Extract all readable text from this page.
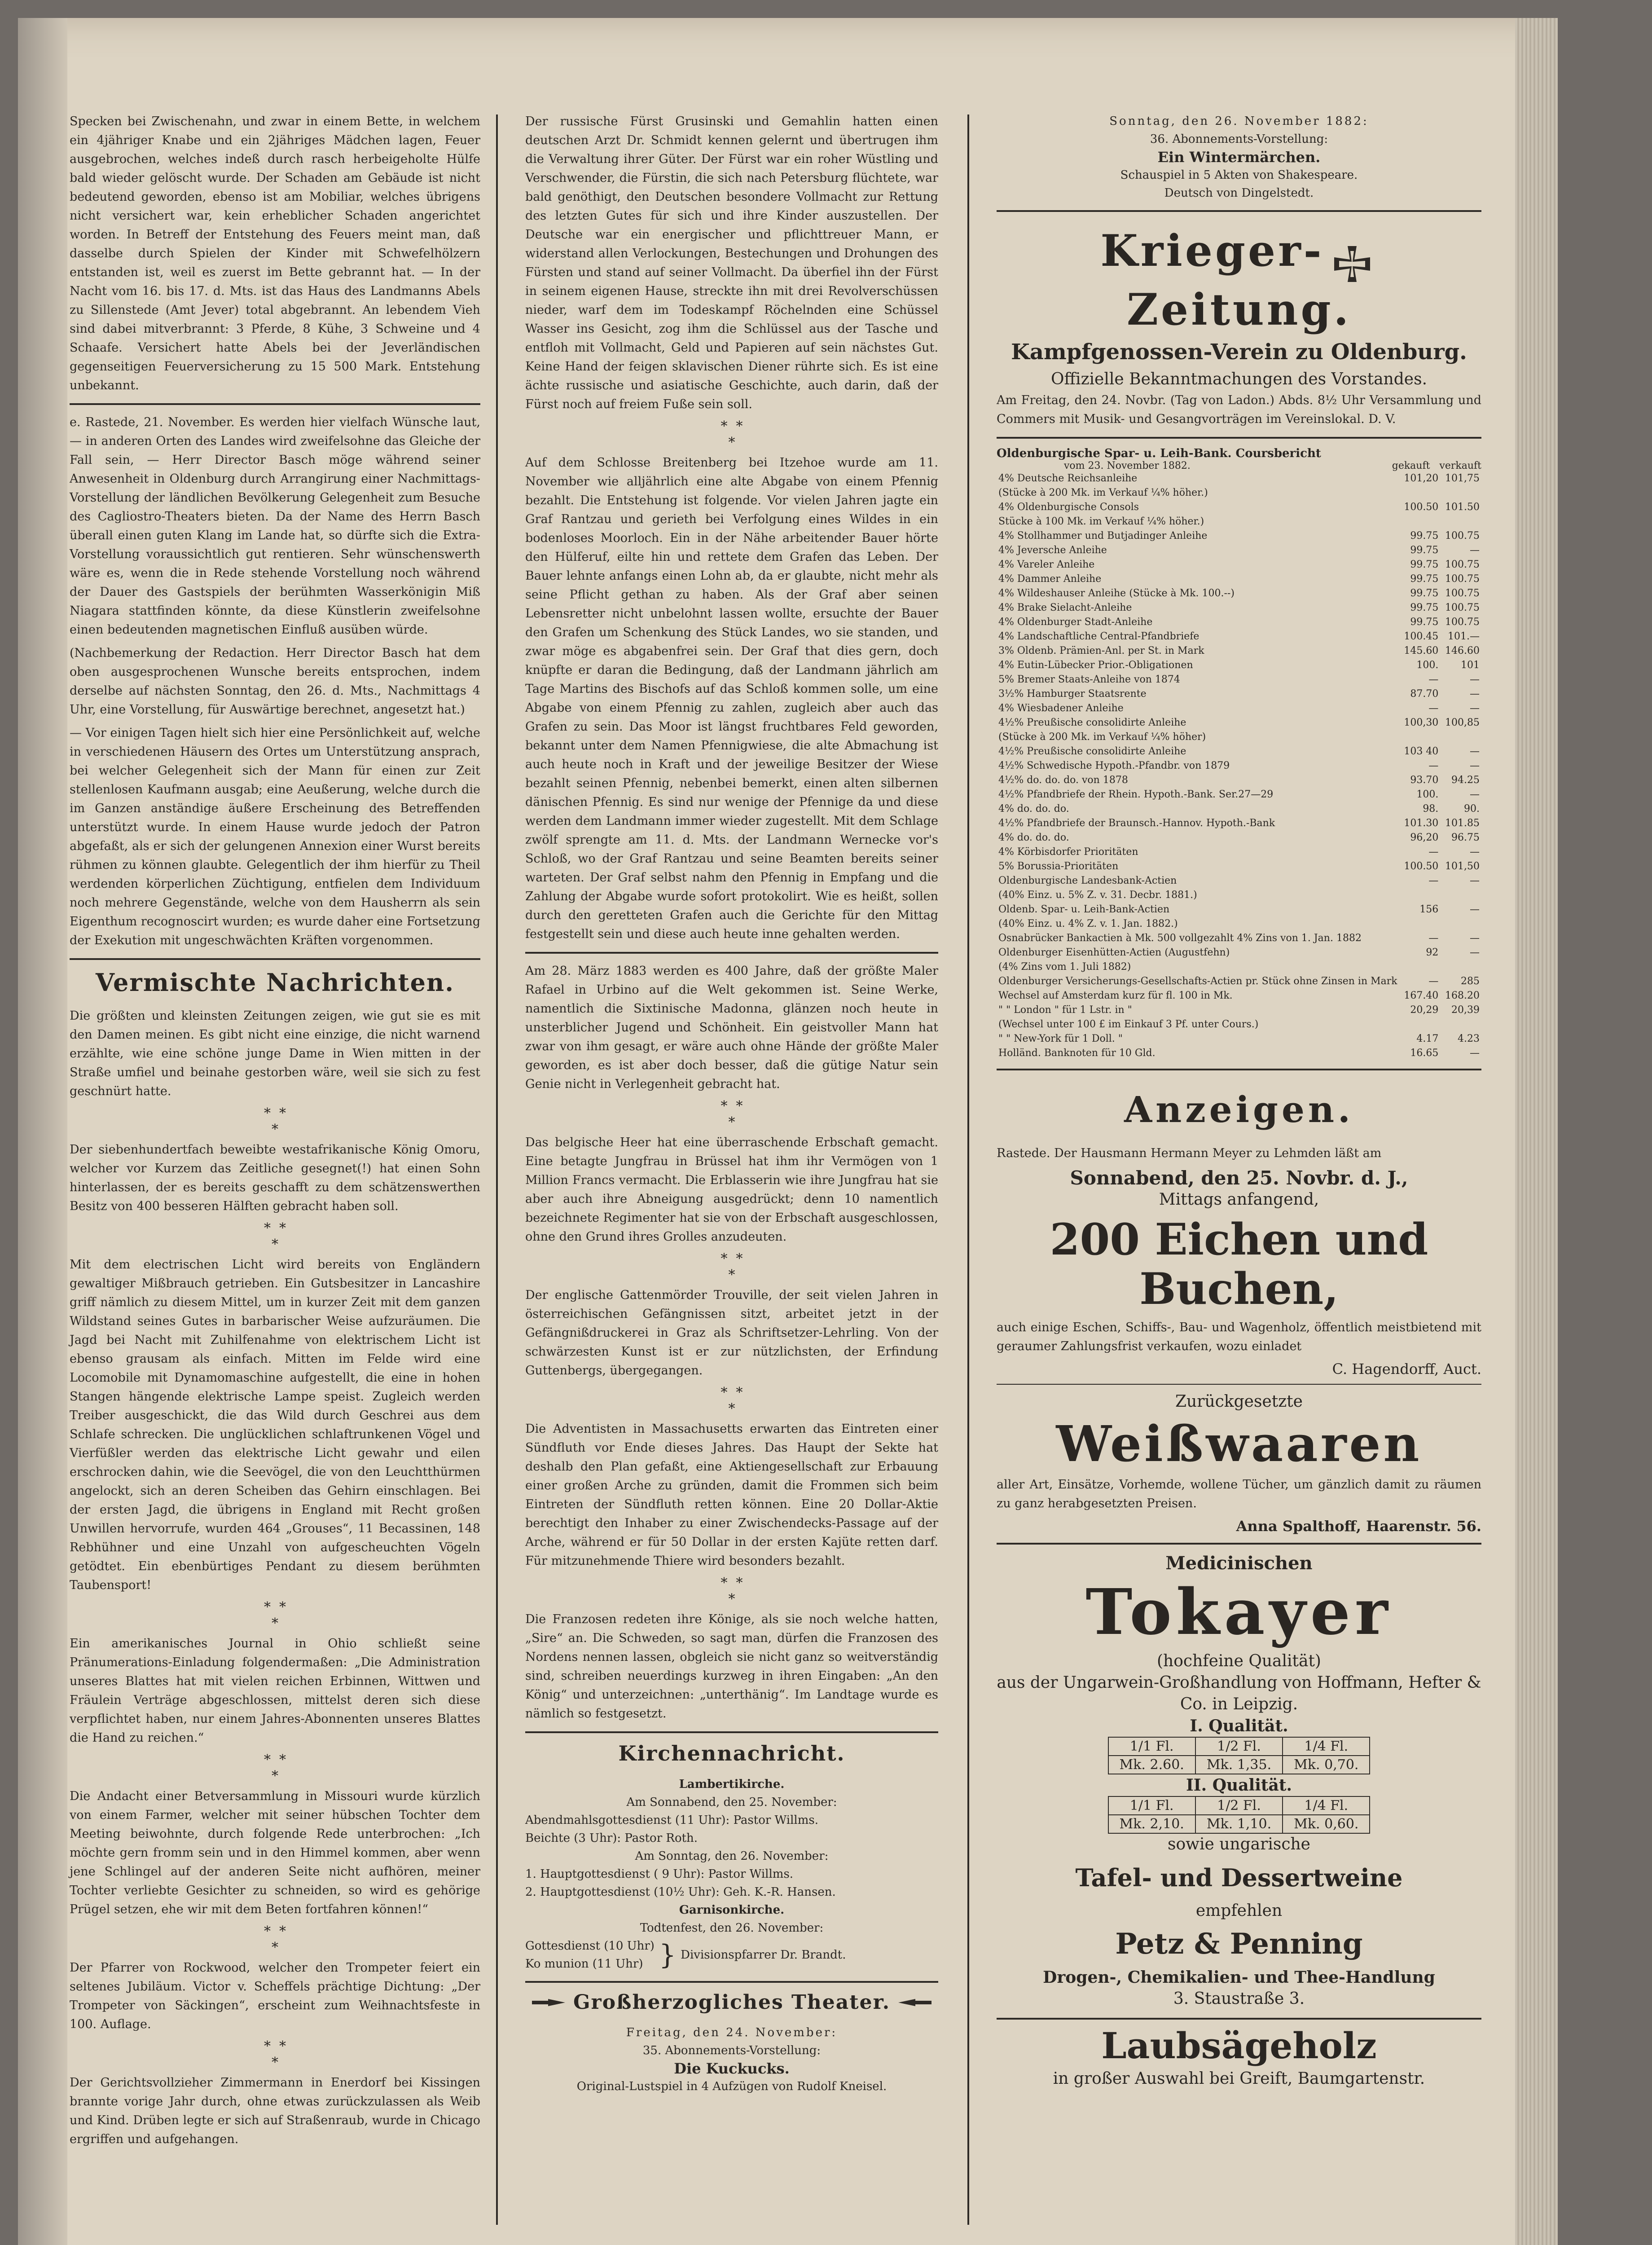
Specken bei Zwischenahn, und zwar in einem Bette, in welchem ein 4jähriger Knabe und ein 2jähriges Mädchen lagen, Feuer ausgebrochen, welches indeß durch rasch herbeigeholte Hülfe bald wieder gelöscht wurde. Der Schaden am Gebäude ist nicht bedeutend geworden, ebenso ist am Mobiliar, welches übrigens nicht versichert war, kein erheblicher Schaden angerichtet worden. In Betreff der Entstehung des Feuers meint man, daß dasselbe durch Spielen der Kinder mit Schwefelhölzern entstanden ist, weil es zuerst im Bette gebrannt hat. — In der Nacht vom 16. bis 17. d. Mts. ist das Haus des Landmanns Abels zu Sillenstede (Amt Jever) total abgebrannt. An lebendem Vieh sind dabei mitverbrannt: 3 Pferde, 8 Kühe, 3 Schweine und 4 Schaafe. Versichert hatte Abels bei der Jeverländischen gegenseitigen Feuerversicherung zu 15 500 Mark. Entstehung unbekannt.

e. Rastede, 21. November. Es werden hier vielfach Wünsche laut, — in anderen Orten des Landes wird zweifelsohne das Gleiche der Fall sein, — Herr Director Basch möge während seiner Anwesenheit in Oldenburg durch Arrangirung einer Nachmittags-Vorstellung der ländlichen Bevölkerung Gelegenheit zum Besuche des Cagliostro-Theaters bieten. Da der Name des Herrn Basch überall einen guten Klang im Lande hat, so dürfte sich die Extra-Vorstellung voraussichtlich gut rentieren. Sehr wünschenswerth wäre es, wenn die in Rede stehende Vorstellung noch während der Dauer des Gastspiels der berühmten Wasserkönigin Miß Niagara stattfinden könnte, da diese Künstlerin zweifelsohne einen bedeutenden magnetischen Einfluß ausüben würde.

(Nachbemerkung der Redaction. Herr Director Basch hat dem oben ausgesprochenen Wunsche bereits entsprochen, indem derselbe auf nächsten Sonntag, den 26. d. Mts., Nachmittags 4 Uhr, eine Vorstellung, für Auswärtige berechnet, angesetzt hat.)

— Vor einigen Tagen hielt sich hier eine Persönlichkeit auf, welche in verschiedenen Häusern des Ortes um Unterstützung ansprach, bei welcher Gelegenheit sich der Mann für einen zur Zeit stellenlosen Kaufmann ausgab; eine Aeußerung, welche durch die im Ganzen anständige äußere Erscheinung des Betreffenden unterstützt wurde. In einem Hause wurde jedoch der Patron abgefaßt, als er sich der gelungenen Annexion einer Wurst bereits rühmen zu können glaubte. Gelegentlich der ihm hierfür zu Theil werdenden körperlichen Züchtigung, entfielen dem Individuum noch mehrere Gegenstände, welche von dem Hausherrn als sein Eigenthum recognoscirt wurden; es wurde daher eine Fortsetzung der Exekution mit ungeschwächten Kräften vorgenommen.

Vermischte Nachrichten.

Die größten und kleinsten Zeitungen zeigen, wie gut sie es mit den Damen meinen. Es gibt nicht eine einzige, die nicht warnend erzählte, wie eine schöne junge Dame in Wien mitten in der Straße umfiel und beinahe gestorben wäre, weil sie sich zu fest geschnürt hatte.

*  *
*

Der siebenhundertfach beweibte westafrikanische König Omoru, welcher vor Kurzem das Zeitliche gesegnet(!) hat einen Sohn hinterlassen, der es bereits geschafft zu dem schätzenswerthen Besitz von 400 besseren Hälften gebracht haben soll.

*  *
*

Mit dem electrischen Licht wird bereits von Engländern gewaltiger Mißbrauch getrieben. Ein Gutsbesitzer in Lancashire griff nämlich zu diesem Mittel, um in kurzer Zeit mit dem ganzen Wildstand seines Gutes in barbarischer Weise aufzuräumen. Die Jagd bei Nacht mit Zuhilfenahme von elektrischem Licht ist ebenso grausam als einfach. Mitten im Felde wird eine Locomobile mit Dynamomaschine aufgestellt, die eine in hohen Stangen hängende elektrische Lampe speist. Zugleich werden Treiber ausgeschickt, die das Wild durch Geschrei aus dem Schlafe schrecken. Die unglücklichen schlaftrunkenen Vögel und Vierfüßler werden das elektrische Licht gewahr und eilen erschrocken dahin, wie die Seevögel, die von den Leuchtthürmen angelockt, sich an deren Scheiben das Gehirn einschlagen. Bei der ersten Jagd, die übrigens in England mit Recht großen Unwillen hervorrufe, wurden 464 „Grouses“, 11 Becassinen, 148 Rebhühner und eine Unzahl von aufgescheuchten Vögeln getödtet. Ein ebenbürtiges Pendant zu diesem berühmten Taubensport!

*  *
*

Ein amerikanisches Journal in Ohio schließt seine Pränumerations-Einladung folgendermaßen: „Die Administration unseres Blattes hat mit vielen reichen Erbinnen, Wittwen und Fräulein Verträge abgeschlossen, mittelst deren sich diese verpflichtet haben, nur einem Jahres-Abonnenten unseres Blattes die Hand zu reichen.“

*  *
*

Die Andacht einer Betversammlung in Missouri wurde kürzlich von einem Farmer, welcher mit seiner hübschen Tochter dem Meeting beiwohnte, durch folgende Rede unterbrochen: „Ich möchte gern fromm sein und in den Himmel kommen, aber wenn jene Schlingel auf der anderen Seite nicht aufhören, meiner Tochter verliebte Gesichter zu schneiden, so wird es gehörige Prügel setzen, ehe wir mit dem Beten fortfahren können!“

*  *
*

Der Pfarrer von Rockwood, welcher den Trompeter feiert ein seltenes Jubiläum. Victor v. Scheffels prächtige Dichtung: „Der Trompeter von Säckingen“, erscheint zum Weihnachtsfeste in 100. Auflage.

*  *
*

Der Gerichtsvollzieher Zimmermann in Enerdorf bei Kissingen brannte vorige Jahr durch, ohne etwas zurückzulassen als Weib und Kind. Drüben legte er sich auf Straßenraub, wurde in Chicago ergriffen und aufgehangen.

Der russische Fürst Grusinski und Gemahlin hatten einen deutschen Arzt Dr. Schmidt kennen gelernt und übertrugen ihm die Verwaltung ihrer Güter. Der Fürst war ein roher Wüstling und Verschwender, die Fürstin, die sich nach Petersburg flüchtete, war bald genöthigt, den Deutschen besondere Vollmacht zur Rettung des letzten Gutes für sich und ihre Kinder auszustellen. Der Deutsche war ein energischer und pflichttreuer Mann, er widerstand allen Verlockungen, Bestechungen und Drohungen des Fürsten und stand auf seiner Vollmacht. Da überfiel ihn der Fürst in seinem eigenen Hause, streckte ihn mit drei Revolverschüssen nieder, warf dem im Todeskampf Röchelnden eine Schüssel Wasser ins Gesicht, zog ihm die Schlüssel aus der Tasche und entfloh mit Vollmacht, Geld und Papieren auf sein nächstes Gut. Keine Hand der feigen sklavischen Diener rührte sich. Es ist eine ächte russische und asiatische Geschichte, auch darin, daß der Fürst noch auf freiem Fuße sein soll.

*  *
*

Auf dem Schlosse Breitenberg bei Itzehoe wurde am 11. November wie alljährlich eine alte Abgabe von einem Pfennig bezahlt. Die Entstehung ist folgende. Vor vielen Jahren jagte ein Graf Rantzau und gerieth bei Verfolgung eines Wildes in ein bodenloses Moorloch. Ein in der Nähe arbeitender Bauer hörte den Hülferuf, eilte hin und rettete dem Grafen das Leben. Der Bauer lehnte anfangs einen Lohn ab, da er glaubte, nicht mehr als seine Pflicht gethan zu haben. Als der Graf aber seinen Lebensretter nicht unbelohnt lassen wollte, ersuchte der Bauer den Grafen um Schenkung des Stück Landes, wo sie standen, und zwar möge es abgabenfrei sein. Der Graf that dies gern, doch knüpfte er daran die Bedingung, daß der Landmann jährlich am Tage Martins des Bischofs auf das Schloß kommen solle, um eine Abgabe von einem Pfennig zu zahlen, zugleich aber auch das Grafen zu sein. Das Moor ist längst fruchtbares Feld geworden, bekannt unter dem Namen Pfennigwiese, die alte Abmachung ist auch heute noch in Kraft und der jeweilige Besitzer der Wiese bezahlt seinen Pfennig, nebenbei bemerkt, einen alten silbernen dänischen Pfennig. Es sind nur wenige der Pfennige da und diese werden dem Landmann immer wieder zugestellt. Mit dem Schlage zwölf sprengte am 11. d. Mts. der Landmann Wernecke vor's Schloß, wo der Graf Rantzau und seine Beamten bereits seiner warteten. Der Graf selbst nahm den Pfennig in Empfang und die Zahlung der Abgabe wurde sofort protokolirt. Wie es heißt, sollen durch den geretteten Grafen auch die Gerichte für den Mittag festgestellt sein und diese auch heute inne gehalten werden.

Am 28. März 1883 werden es 400 Jahre, daß der größte Maler Rafael in Urbino auf die Welt gekommen ist. Seine Werke, namentlich die Sixtinische Madonna, glänzen noch heute in unsterblicher Jugend und Schönheit. Ein geistvoller Mann hat zwar von ihm gesagt, er wäre auch ohne Hände der größte Maler geworden, es ist aber doch besser, daß die gütige Natur sein Genie nicht in Verlegenheit gebracht hat.

*  *
*

Das belgische Heer hat eine überraschende Erbschaft gemacht. Eine betagte Jungfrau in Brüssel hat ihm ihr Vermögen von 1 Million Francs vermacht. Die Erblasserin wie ihre Jungfrau hat sie aber auch ihre Abneigung ausgedrückt; denn 10 namentlich bezeichnete Regimenter hat sie von der Erbschaft ausgeschlossen, ohne den Grund ihres Grolles anzudeuten.

*  *
*

Der englische Gattenmörder Trouville, der seit vielen Jahren in österreichischen Gefängnissen sitzt, arbeitet jetzt in der Gefängnißdruckerei in Graz als Schriftsetzer-Lehrling. Von der schwärzesten Kunst ist er zur nützlichsten, der Erfindung Guttenbergs, übergegangen.

*  *
*

Die Adventisten in Massachusetts erwarten das Eintreten einer Sündfluth vor Ende dieses Jahres. Das Haupt der Sekte hat deshalb den Plan gefaßt, eine Aktiengesellschaft zur Erbauung einer großen Arche zu gründen, damit die Frommen sich beim Eintreten der Sündfluth retten können. Eine 20 Dollar-Aktie berechtigt den Inhaber zu einer Zwischendecks-Passage auf der Arche, während er für 50 Dollar in der ersten Kajüte retten darf. Für mitzunehmende Thiere wird besonders bezahlt.

*  *
*

Die Franzosen redeten ihre Könige, als sie noch welche hatten, „Sire“ an. Die Schweden, so sagt man, dürfen die Franzosen des Nordens nennen lassen, obgleich sie nicht ganz so weitverständig sind, schreiben neuerdings kurzweg in ihren Eingaben: „An den König“ und unterzeichnen: „unterthänig“. Im Landtage wurde es nämlich so festgesetzt.

Kirchennachricht.
Lambertikirche.
Am Sonnabend, den 25. November:
Abendmahlsgottesdienst (11 Uhr): Pastor Willms.
Beichte (3 Uhr): Pastor Roth.
Am Sonntag, den 26. November:
1. Hauptgottesdienst ( 9 Uhr): Pastor Willms.
2. Hauptgottesdienst (10½ Uhr): Geh. K.-R. Hansen.
Garnisonkirche.
Todtenfest, den 26. November:
Gottesdienst (10 Uhr)
Ko munion (11 Uhr) } Divisionspfarrer Dr. Brandt.
Großherzogliches Theater.
Freitag, den 24. November:
35. Abonnements-Vorstellung:
Die Kuckucks.
Original-Lustspiel in 4 Aufzügen von Rudolf Kneisel.
Sonntag, den 26. November 1882:
36. Abonnements-Vorstellung:
Ein Wintermärchen.
Schauspiel in 5 Akten von Shakespeare.
Deutsch von Dingelstedt.
Krieger-  Zeitung.
Kampfgenossen-Verein zu Oldenburg.
Offizielle Bekanntmachungen des Vorstandes.

Am Freitag, den 24. Novbr. (Tag von Ladon.) Abds. 8½ Uhr Versammlung und Commers mit Musik- und Gesangvorträgen im Vereinslokal. D. V.

Oldenburgische Spar- u. Leih-Bank. Coursbericht
vom 23. November 1882.	gekauft verkauft
4% Deutsche Reichsanleihe	101,20	101,75
(Stücke à 200 Mk. im Verkauf ¼% höher.)		
4% Oldenburgische Consols	100.50	101.50
Stücke à 100 Mk. im Verkauf ¼% höher.)		
4% Stollhammer und Butjadinger Anleihe	99.75	100.75
4% Jeversche Anleihe	99.75	—
4% Vareler Anleihe	99.75	100.75
4% Dammer Anleihe	99.75	100.75
4% Wildeshauser Anleihe (Stücke à Mk. 100.--)	99.75	100.75
4% Brake Sielacht-Anleihe	99.75	100.75
4% Oldenburger Stadt-Anleihe	99.75	100.75
4% Landschaftliche Central-Pfandbriefe	100.45	101.—
3% Oldenb. Prämien-Anl. per St. in Mark	145.60	146.60
4% Eutin-Lübecker Prior.-Obligationen	100.	101
5% Bremer Staats-Anleihe von 1874	—	—
3½% Hamburger Staatsrente	87.70	—
4% Wiesbadener Anleihe	—	—
4½% Preußische consolidirte Anleihe	100,30	100,85
(Stücke à 200 Mk. im Verkauf ¼% höher)		
4½% Preußische consolidirte Anleihe	103 40	—
4½% Schwedische Hypoth.-Pfandbr. von 1879	—	—
4½% do. do. do. von 1878	93.70	94.25
4½% Pfandbriefe der Rhein. Hypoth.-Bank. Ser.27—29	100.	—
4% do. do. do.	98.	90.
4½% Pfandbriefe der Braunsch.-Hannov. Hypoth.-Bank	101.30	101.85
4% do. do. do.	96,20	96.75
4% Körbisdorfer Prioritäten	—	—
5% Borussia-Prioritäten	100.50	101,50
Oldenburgische Landesbank-Actien	—	—
(40% Einz. u. 5% Z. v. 31. Decbr. 1881.)		
Oldenb. Spar- u. Leih-Bank-Actien	156	—
(40% Einz. u. 4% Z. v. 1. Jan. 1882.)		
Osnabrücker Bankactien à Mk. 500 vollgezahlt 4% Zins von 1. Jan. 1882	—	—
Oldenburger Eisenhütten-Actien (Augustfehn)	92	—
(4% Zins vom 1. Juli 1882)		
Oldenburger Versicherungs-Gesellschafts-Actien pr. Stück ohne Zinsen in Mark	—	285
Wechsel auf Amsterdam kurz für fl. 100 in Mk.	167.40	168.20
" " London " für 1 Lstr. in "	20,29	20,39
(Wechsel unter 100 £ im Einkauf 3 Pf. unter Cours.)		
" " New-York für 1 Doll. "	4.17	4.23
Holländ. Banknoten für 10 Gld.	16.65	—
Anzeigen.

Rastede. Der Hausmann Hermann Meyer zu Lehmden läßt am

Sonnabend, den 25. Novbr. d. J.,
Mittags anfangend,
200 Eichen und Buchen,

auch einige Eschen, Schiffs-, Bau- und Wagenholz, öffentlich meistbietend mit geraumer Zahlungsfrist verkaufen, wozu einladet

C. Hagendorff, Auct.
Zurückgesetzte
Weißwaaren

aller Art, Einsätze, Vorhemde, wollene Tücher, um gänzlich damit zu räumen zu ganz herabgesetzten Preisen.

Anna Spalthoff, Haarenstr. 56.
Medicinischen
Tokayer
(hochfeine Qualität)
aus der Ungarwein-Großhandlung von Hoffmann, Hefter & Co. in Leipzig.
I. Qualität.
1/1 Fl.	1/2 Fl.	1/4 Fl.
Mk. 2.60.	Mk. 1,35.	Mk. 0,70.
II. Qualität.
1/1 Fl.	1/2 Fl.	1/4 Fl.
Mk. 2,10.	Mk. 1,10.	Mk. 0,60.
sowie ungarische
Tafel- und Dessertweine
empfehlen
Petz & Penning
Drogen-, Chemikalien- und Thee-Handlung
3. Staustraße 3.
Laubsägeholz
in großer Auswahl bei Greift, Baumgartenstr.
